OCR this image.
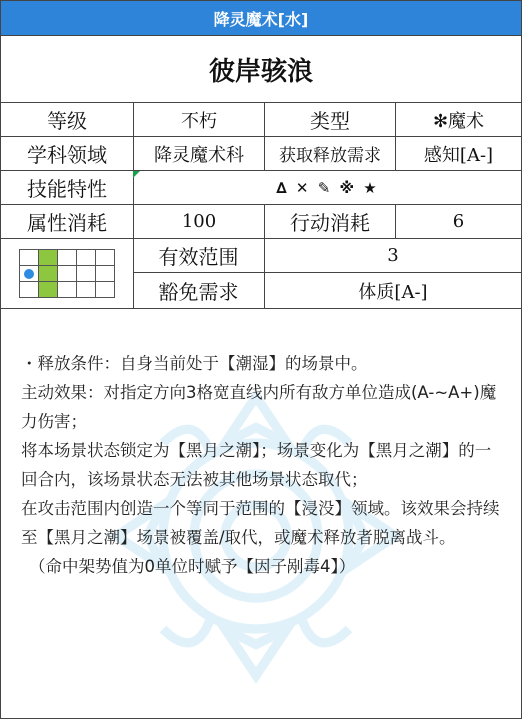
降灵魔术[水]
彼岸骇浪
等级	不朽	类型	✻魔术
学科领域	降灵魔术科	获取释放需求	感知[A-]
技能特性	∆ ✕ ✎ ※ ★
属性消耗	100	行动消耗	6
有效范围	3
豁免需求	体质[A-]

・释放条件：自身当前处于【潮湿】的场景中。

主动效果：对指定方向3格宽直线内所有敌方单位造成(A-~A+)魔力伤害；

将本场景状态锁定为【黑月之潮】；场景变化为【黑月之潮】的一回合内，该场景状态无法被其他场景状态取代；

在攻击范围内创造一个等同于范围的【浸没】领域。该效果会持续至【黑月之潮】场景被覆盖/取代，或魔术释放者脱离战斗。

（命中架势值为0单位时赋予【因子剐毒4】）
